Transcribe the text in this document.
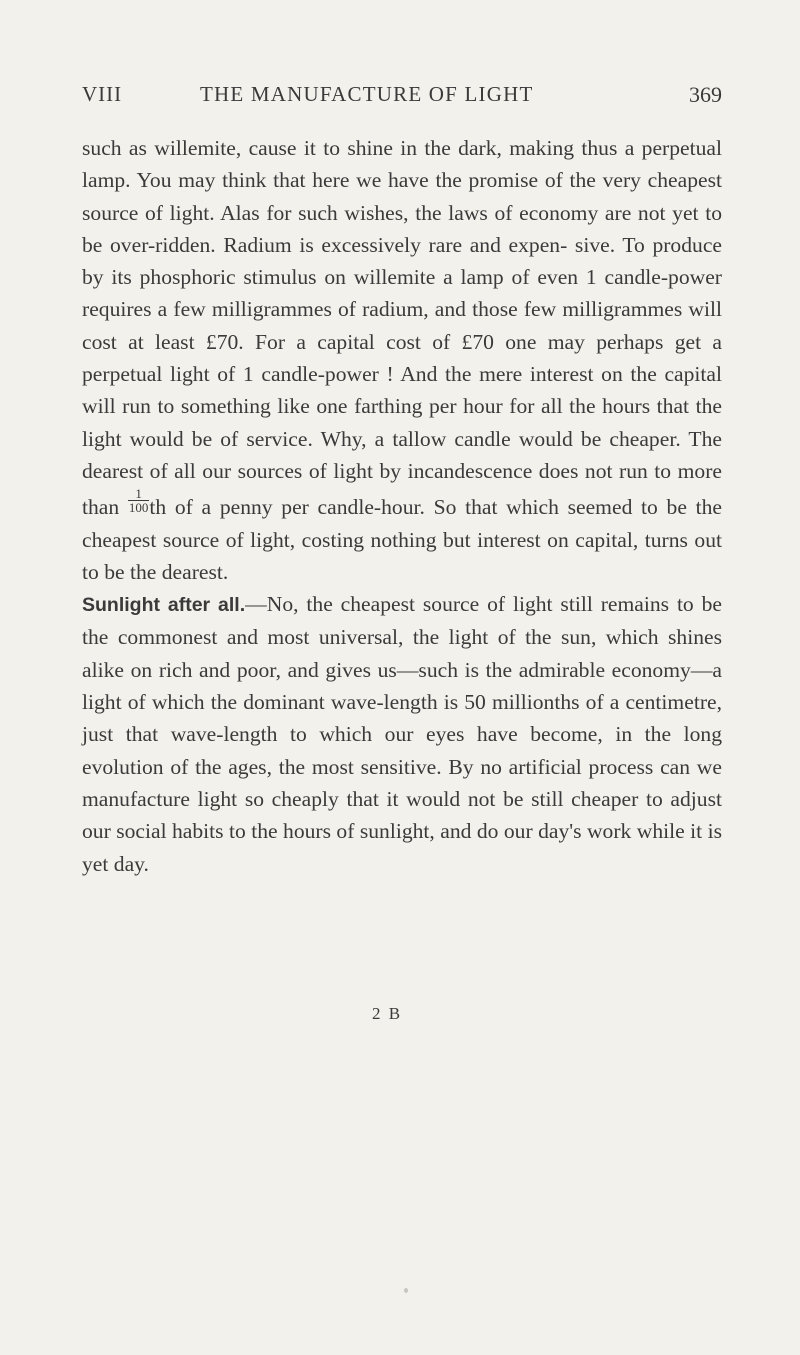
VIII	THE MANUFACTURE OF LIGHT	369

such as willemite, cause it to shine in the dark, making thus a perpetual lamp. You may think that here we have the promise of the very cheapest source of light. Alas for such wishes, the laws of economy are not yet to be over-ridden. Radium is excessively rare and expen- sive. To produce by its phosphoric stimulus on willemite a lamp of even 1 candle-power requires a few milligrammes of radium, and those few milligrammes will cost at least £70. For a capital cost of £70 one may perhaps get a perpetual light of 1 candle-power ! And the mere interest on the capital will run to something like one farthing per hour for all the hours that the light would be of service. Why, a tallow candle would be cheaper. The dearest of all our sources of light by incandescence does not run to more than $\frac{1}{100}$ th of a penny per candle-hour. So that which seemed to be the cheapest source of light, costing nothing but interest on capital, turns out to be the dearest.

Sunlight after all.—No, the cheapest source of light still remains to be the commonest and most universal, the light of the sun, which shines alike on rich and poor, and gives us—such is the admirable economy—a light of which the dominant wave-length is 50 millionths of a centimetre, just that wave-length to which our eyes have become, in the long evolution of the ages, the most sensitive. By no artificial process can we manufacture light so cheaply that it would not be still cheaper to adjust our social habits to the hours of sunlight, and do our day's work while it is yet day.

2 B
